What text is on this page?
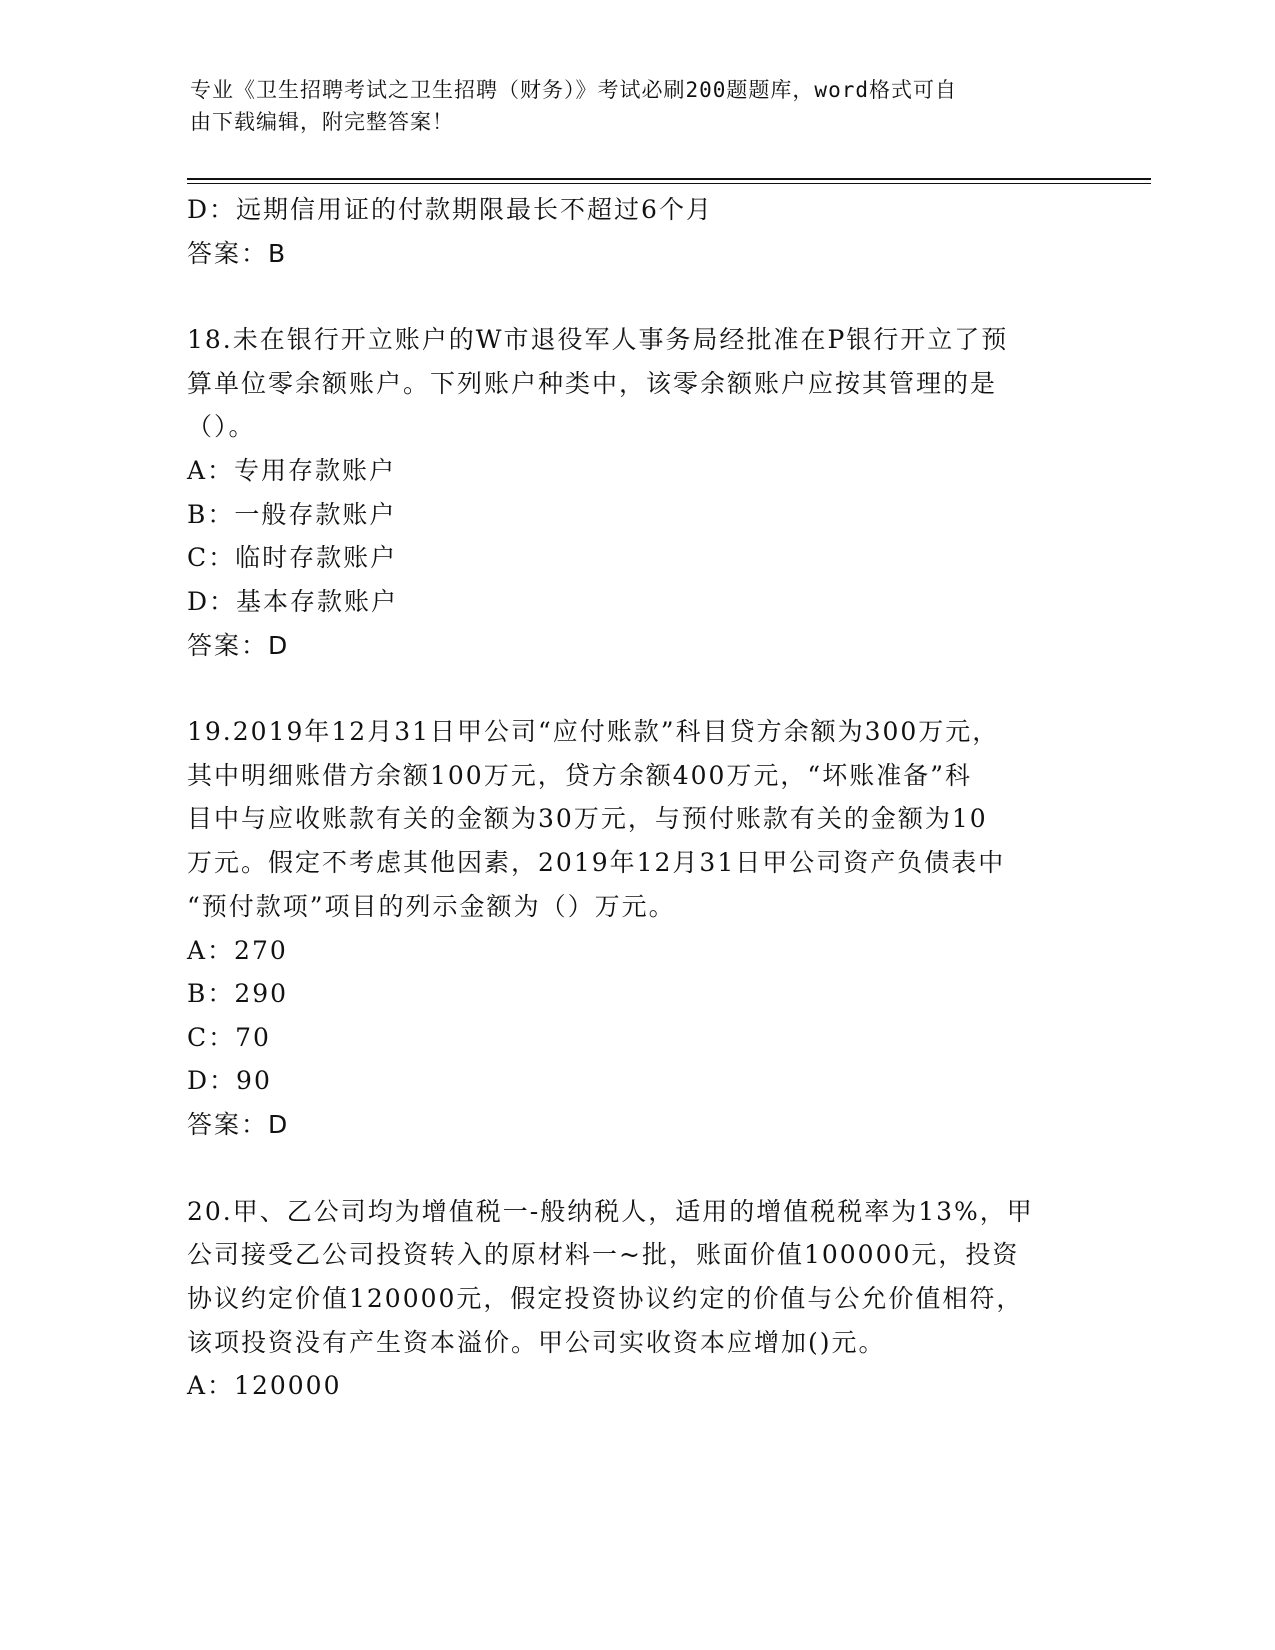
专业《卫生招聘考试之卫生招聘（财务）》考试必刷200题题库，word格式可自
由下载编辑，附完整答案！
D：远期信用证的付款期限最长不超过6个月
答案：B
18.未在银行开立账户的W市退役军人事务局经批准在P银行开立了预
算单位零余额账户。下列账户种类中，该零余额账户应按其管理的是
（）。
A：专用存款账户
B：一般存款账户
C：临时存款账户
D：基本存款账户
答案：D
19.2019年12月31日甲公司“应付账款”科目贷方余额为300万元，
其中明细账借方余额100万元，贷方余额400万元，“坏账准备”科
目中与应收账款有关的金额为30万元，与预付账款有关的金额为10
万元。假定不考虑其他因素，2019年12月31日甲公司资产负债表中
“预付款项”项目的列示金额为（）万元。
A：270
B：290
C：70
D：90
答案：D
20.甲、乙公司均为增值税一-般纳税人，适用的增值税税率为13%，甲
公司接受乙公司投资转入的原材料一~批，账面价值100000元，投资
协议约定价值120000元，假定投资协议约定的价值与公允价值相符，
该项投资没有产生资本溢价。甲公司实收资本应增加()元。
A：120000
